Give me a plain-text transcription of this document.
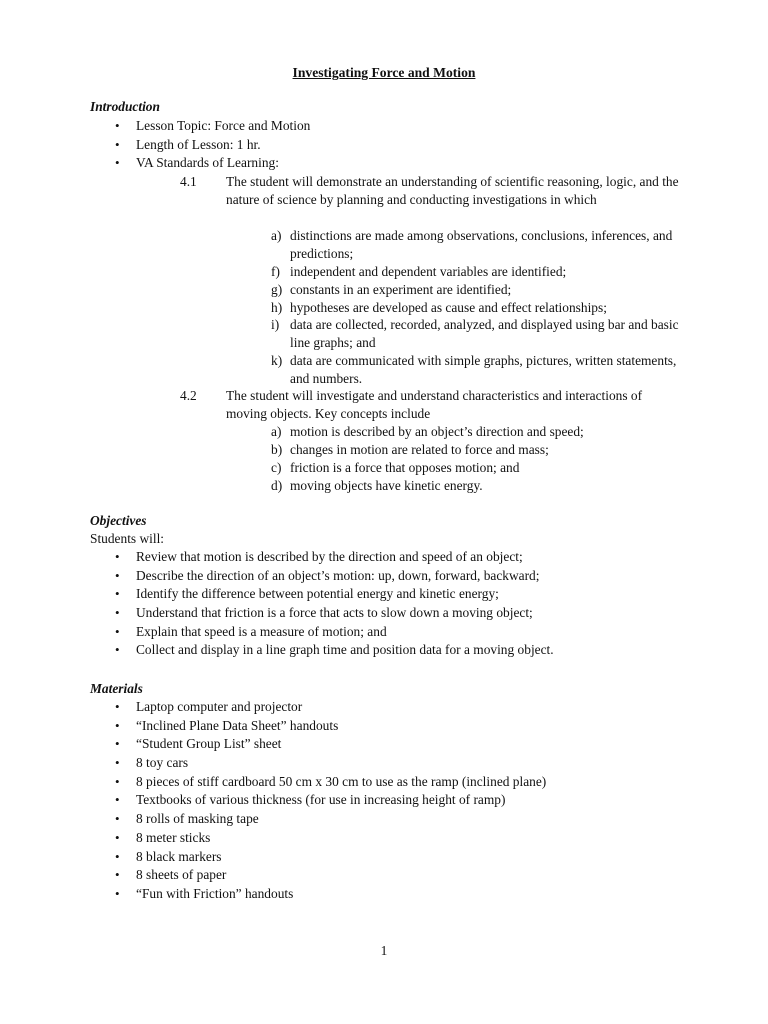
Investigating Force and Motion
Introduction
• Lesson Topic: Force and Motion
• Length of Lesson: 1 hr.
• VA Standards of Learning:
4.1 The student will demonstrate an understanding of scientific reasoning, logic, and the nature of science by planning and conducting investigations in which
a) distinctions are made among observations, conclusions, inferences, and predictions;
f) independent and dependent variables are identified;
g) constants in an experiment are identified;
h) hypotheses are developed as cause and effect relationships;
i) data are collected, recorded, analyzed, and displayed using bar and basic line graphs; and
k) data are communicated with simple graphs, pictures, written statements, and numbers.
4.2 The student will investigate and understand characteristics and interactions of moving objects. Key concepts include
a) motion is described by an object’s direction and speed;
b) changes in motion are related to force and mass;
c) friction is a force that opposes motion; and
d) moving objects have kinetic energy.
Objectives
Students will:
• Review that motion is described by the direction and speed of an object;
• Describe the direction of an object’s motion: up, down, forward, backward;
• Identify the difference between potential energy and kinetic energy;
• Understand that friction is a force that acts to slow down a moving object;
• Explain that speed is a measure of motion; and
• Collect and display in a line graph time and position data for a moving object.
Materials
• Laptop computer and projector
• “Inclined Plane Data Sheet” handouts
• “Student Group List” sheet
• 8 toy cars
• 8 pieces of stiff cardboard 50 cm x 30 cm to use as the ramp (inclined plane)
• Textbooks of various thickness (for use in increasing height of ramp)
• 8 rolls of masking tape
• 8 meter sticks
• 8 black markers
• 8 sheets of paper
• “Fun with Friction” handouts
1
